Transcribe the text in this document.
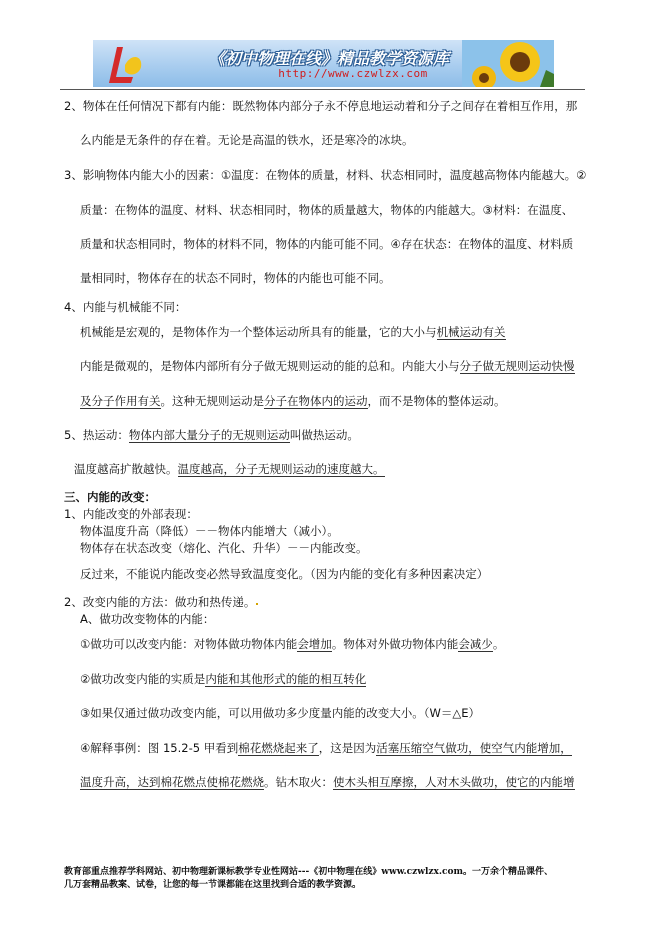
《初中物理在线》精品教学资源库
http://www.czwlzx.com
2、物体在任何情况下都有内能：既然物体内部分子永不停息地运动着和分子之间存在着相互作用，那
么内能是无条件的存在着。无论是高温的铁水，还是寒冷的冰块。
3、影响物体内能大小的因素：①温度：在物体的质量，材料、状态相同时，温度越高物体内能越大。②
质量：在物体的温度、材料、状态相同时，物体的质量越大，物体的内能越大。③材料：在温度、
质量和状态相同时，物体的材料不同，物体的内能可能不同。④存在状态：在物体的温度、材料质
量相同时，物体存在的状态不同时，物体的内能也可能不同。
4、内能与机械能不同：
机械能是宏观的，是物体作为一个整体运动所具有的能量，它的大小与机械运动有关
内能是微观的，是物体内部所有分子做无规则运动的能的总和。内能大小与分子做无规则运动快慢
及分子作用有关。这种无规则运动是分子在物体内的运动，而不是物体的整体运动。
5、热运动：物体内部大量分子的无规则运动叫做热运动。
温度越高扩散越快。温度越高，分子无规则运动的速度越大。
三、内能的改变：
1、内能改变的外部表现：
物体温度升高（降低）－－物体内能增大（减小）。
物体存在状态改变（熔化、汽化、升华）－－内能改变。
反过来，不能说内能改变必然导致温度变化。（因为内能的变化有多种因素决定）
2、改变内能的方法：做功和热传递。
A、做功改变物体的内能：
①做功可以改变内能：对物体做功物体内能会增加。物体对外做功物体内能会减少。
②做功改变内能的实质是内能和其他形式的能的相互转化
③如果仅通过做功改变内能，可以用做功多少度量内能的改变大小。（W＝△E）
④解释事例：图 15.2-5 甲看到棉花燃烧起来了，这是因为活塞压缩空气做功，使空气内能增加，
温度升高，达到棉花燃点使棉花燃烧。钻木取火：使木头相互摩擦，人对木头做功，使它的内能增
教育部重点推荐学科网站、初中物理新课标教学专业性网站---《初中物理在线》www.czwlzx.com。一万余个精品课件、
几万套精品教案、试卷，让您的每一节课都能在这里找到合适的教学资源。
